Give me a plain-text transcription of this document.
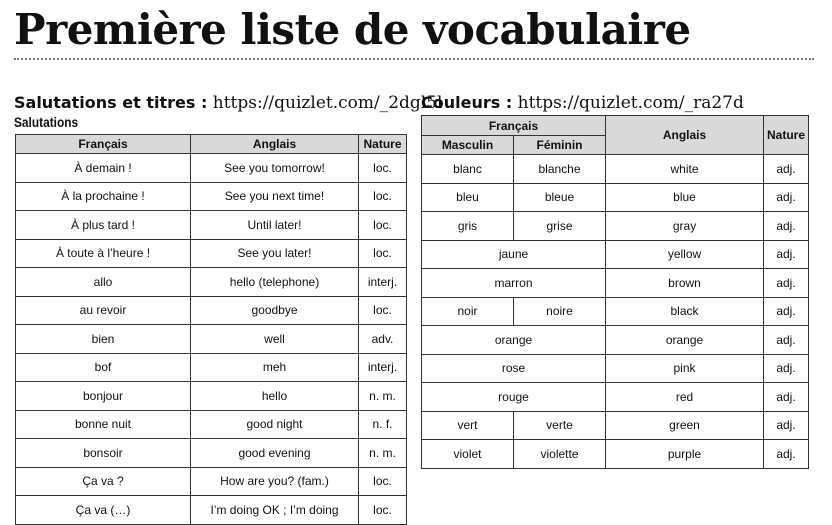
Première liste de vocabulaire
Salutations et titres : https://quizlet.com/_2dgl5l
Salutations
Français	Anglais	Nature
À demain !	See you tomorrow!	loc.
À la prochaine !	See you next time!	loc.
À plus tard !	Until later!	loc.
À toute à l’heure !	See you later!	loc.
allo	hello (telephone)	interj.
au revoir	goodbye	loc.
bien	well	adv.
bof	meh	interj.
bonjour	hello	n. m.
bonne nuit	good night	n. f.
bonsoir	good evening	n. m.
Ça va ?	How are you? (fam.)	loc.
Ça va (…)	I’m doing OK ; I’m doing	loc.
Couleurs : https://quizlet.com/_ra27d
Français		Anglais	Nature
Masculin	Féminin		
blanc	blanche	white	adj.
bleu	bleue	blue	adj.
gris	grise	gray	adj.
jaune		yellow	adj.
marron		brown	adj.
noir	noire	black	adj.
orange		orange	adj.
rose		pink	adj.
rouge		red	adj.
vert	verte	green	adj.
violet	violette	purple	adj.
